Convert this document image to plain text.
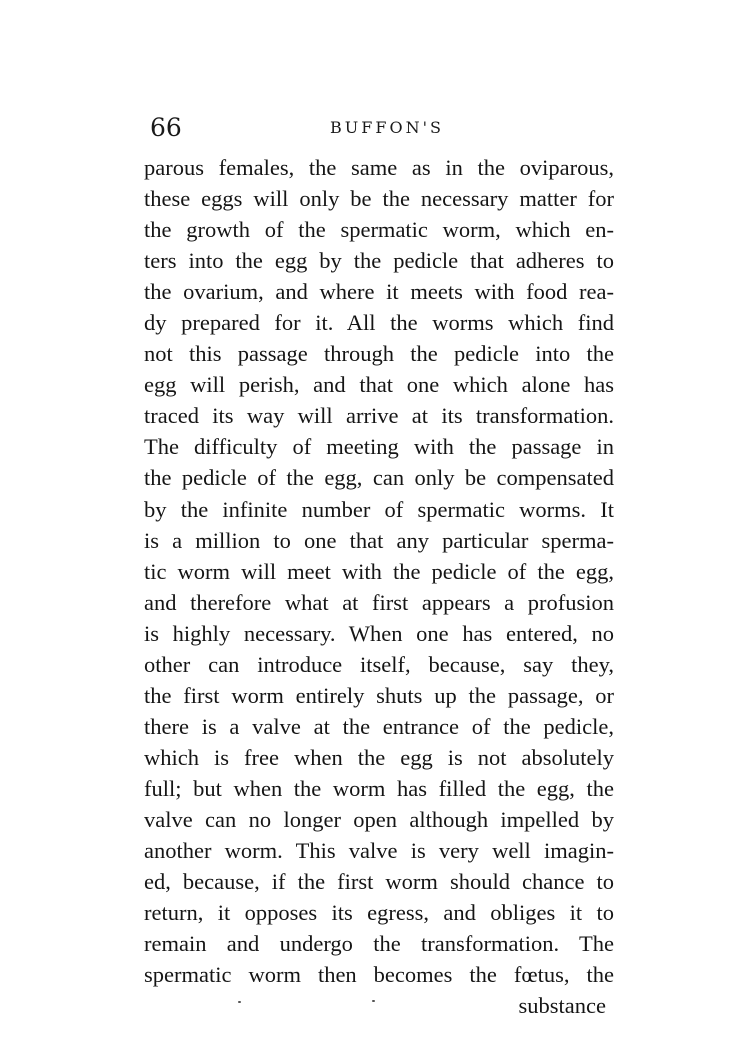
66	BUFFON'S
parous females, the same as in the oviparous,
these eggs will only be the necessary matter for
the growth of the spermatic worm, which en-
ters into the egg by the pedicle that adheres to
the ovarium, and where it meets with food rea-
dy prepared for it. All the worms which find
not this passage through the pedicle into the
egg will perish, and that one which alone has
traced its way will arrive at its transformation.
The difficulty of meeting with the passage in
the pedicle of the egg, can only be compensated
by the infinite number of spermatic worms. It
is a million to one that any particular sperma-
tic worm will meet with the pedicle of the egg,
and therefore what at first appears a profusion
is highly necessary. When one has entered, no
other can introduce itself, because, say they,
the first worm entirely shuts up the passage, or
there is a valve at the entrance of the pedicle,
which is free when the egg is not absolutely
full; but when the worm has filled the egg, the
valve can no longer open although impelled by
another worm. This valve is very well imagin-
ed, because, if the first worm should chance to
return, it opposes its egress, and obliges it to
remain and undergo the transformation. The
spermatic worm then becomes the fœtus, the
substance
